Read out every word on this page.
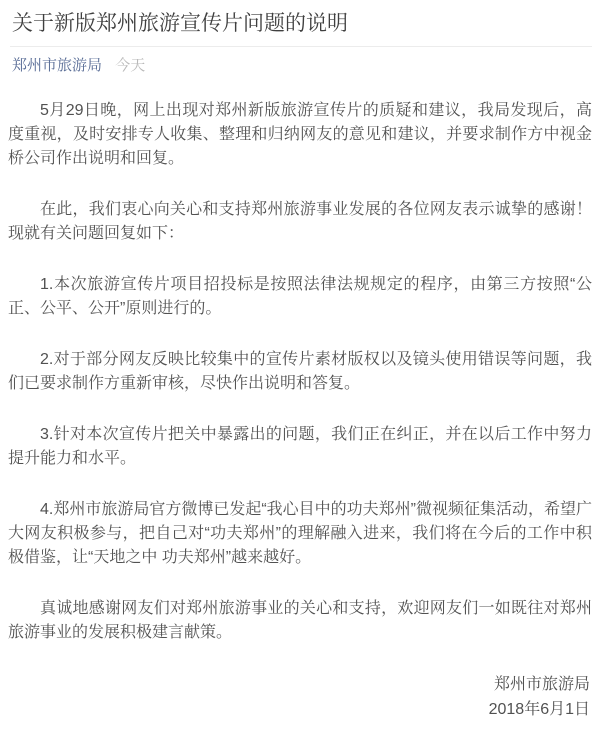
关于新版郑州旅游宣传片问题的说明
郑州市旅游局 今天

5月29日晚，网上出现对郑州新版旅游宣传片的质疑和建议，我局发现后，高度重视，及时安排专人收集、整理和归纳网友的意见和建议，并要求制作方中视金桥公司作出说明和回复。

在此，我们衷心向关心和支持郑州旅游事业发展的各位网友表示诚挚的感谢！现就有关问题回复如下：

1.本次旅游宣传片项目招投标是按照法律法规规定的程序，由第三方按照“公正、公平、公开”原则进行的。

2.对于部分网友反映比较集中的宣传片素材版权以及镜头使用错误等问题，我们已要求制作方重新审核，尽快作出说明和答复。

3.针对本次宣传片把关中暴露出的问题，我们正在纠正，并在以后工作中努力提升能力和水平。

4.郑州市旅游局官方微博已发起“我心目中的功夫郑州”微视频征集活动，希望广大网友积极参与，把自己对“功夫郑州”的理解融入进来，我们将在今后的工作中积极借鉴，让“天地之中 功夫郑州”越来越好。

真诚地感谢网友们对郑州旅游事业的关心和支持，欢迎网友们一如既往对郑州旅游事业的发展积极建言献策。

郑州市旅游局
2018年6月1日
